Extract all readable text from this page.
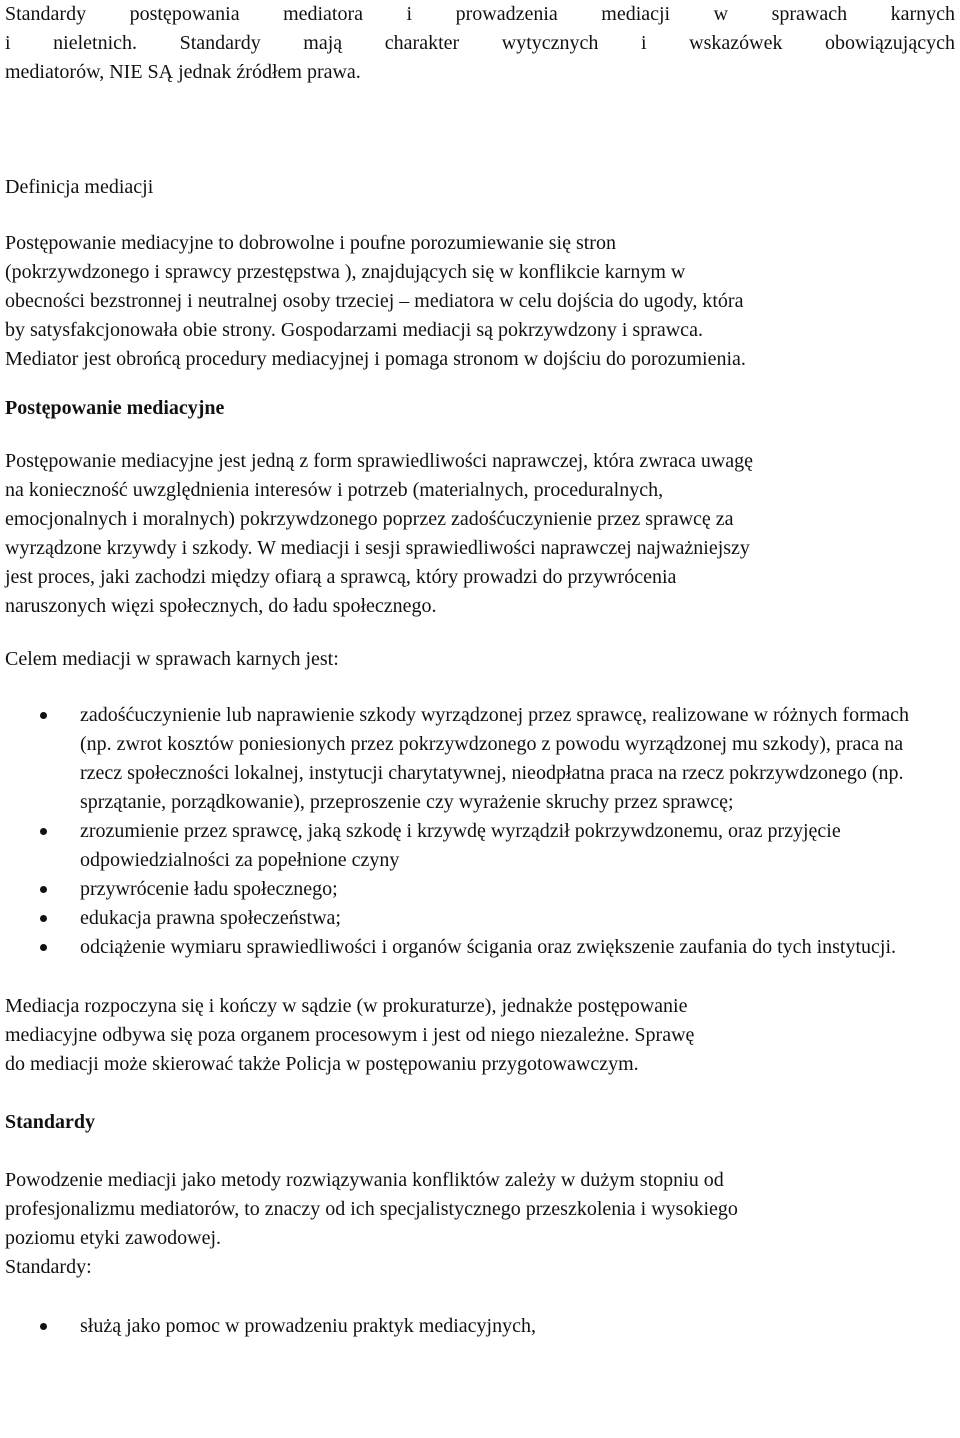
Standardy postępowania mediatora i prowadzenia mediacji w sprawach karnych

i nieletnich. Standardy mają charakter wytycznych i wskazówek obowiązujących

mediatorów, NIE SĄ jednak źródłem prawa.

Definicja mediacji

Postępowanie mediacyjne to dobrowolne i poufne porozumiewanie się stron

(pokrzywdzonego i sprawcy przestępstwa ), znajdujących się w konflikcie karnym w

obecności bezstronnej i neutralnej osoby trzeciej – mediatora w celu dojścia do ugody, która

by satysfakcjonowała obie strony. Gospodarzami mediacji są pokrzywdzony i sprawca.

Mediator jest obrońcą procedury mediacyjnej i pomaga stronom w dojściu do porozumienia.

Postępowanie mediacyjne

Postępowanie mediacyjne jest jedną z form sprawiedliwości naprawczej, która zwraca uwagę

na konieczność uwzględnienia interesów i potrzeb (materialnych, proceduralnych,

emocjonalnych i moralnych) pokrzywdzonego poprzez zadośćuczynienie przez sprawcę za

wyrządzone krzywdy i szkody. W mediacji i sesji sprawiedliwości naprawczej najważniejszy

jest proces, jaki zachodzi między ofiarą a sprawcą, który prowadzi do przywrócenia

naruszonych więzi społecznych, do ładu społecznego.

Celem mediacji w sprawach karnych jest:

zadośćuczynienie lub naprawienie szkody wyrządzonej przez sprawcę, realizowane w różnych formach (np. zwrot kosztów poniesionych przez pokrzywdzonego z powodu wyrządzonej mu szkody), praca na rzecz społeczności lokalnej, instytucji charytatywnej, nieodpłatna praca na rzecz pokrzywdzonego (np. sprzątanie, porządkowanie), przeproszenie czy wyrażenie skruchy przez sprawcę;
zrozumienie przez sprawcę, jaką szkodę i krzywdę wyrządził pokrzywdzonemu, oraz przyjęcie odpowiedzialności za popełnione czyny
przywrócenie ładu społecznego;
edukacja prawna społeczeństwa;
odciążenie wymiaru sprawiedliwości i organów ścigania oraz zwiększenie zaufania do tych instytucji.

Mediacja rozpoczyna się i kończy w sądzie (w prokuraturze), jednakże postępowanie

mediacyjne odbywa się poza organem procesowym i jest od niego niezależne. Sprawę

do mediacji może skierować także Policja w postępowaniu przygotowawczym.

Standardy

Powodzenie mediacji jako metody rozwiązywania konfliktów zależy w dużym stopniu od

profesjonalizmu mediatorów, to znaczy od ich specjalistycznego przeszkolenia i wysokiego

poziomu etyki zawodowej.

Standardy:

służą jako pomoc w prowadzeniu praktyk mediacyjnych,
